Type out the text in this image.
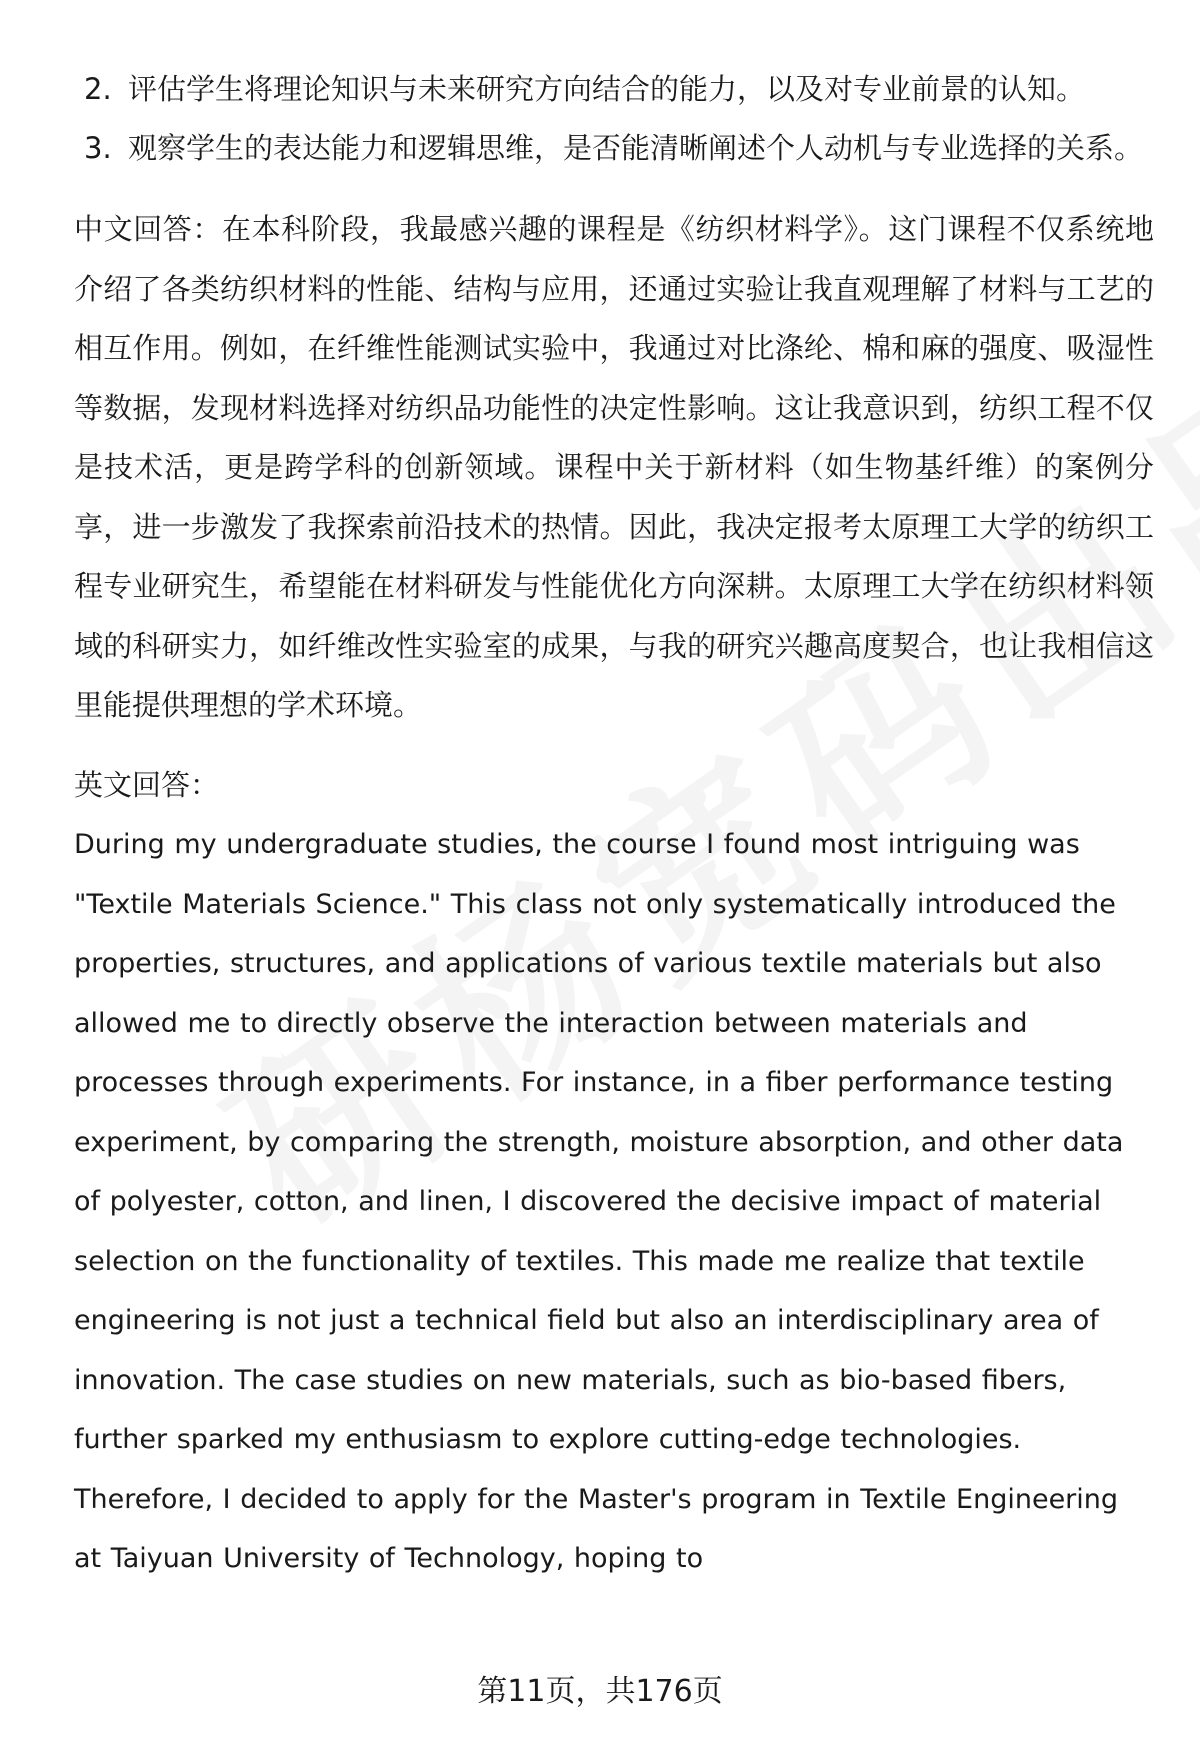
2. 评估学生将理论知识与未来研究方向结合的能力，以及对专业前景的认知。
3. 观察学生的表达能力和逻辑思维，是否能清晰阐述个人动机与专业选择的关系。

中文回答：在本科阶段，我最感兴趣的课程是《纺织材料学》。这门课程不仅系统地介绍了各类纺织材料的性能、结构与应用，还通过实验让我直观理解了材料与工艺的相互作用。例如，在纤维性能测试实验中，我通过对比涤纶、棉和麻的强度、吸湿性等数据，发现材料选择对纺织品功能性的决定性影响。这让我意识到，纺织工程不仅是技术活，更是跨学科的创新领域。课程中关于新材料（如生物基纤维）的案例分享，进一步激发了我探索前沿技术的热情。因此，我决定报考太原理工大学的纺织工程专业研究生，希望能在材料研发与性能优化方向深耕。太原理工大学在纺织材料领域的科研实力，如纤维改性实验室的成果，与我的研究兴趣高度契合，也让我相信这里能提供理想的学术环境。

英文回答：

During my undergraduate studies, the course I found most intriguing was "Textile Materials Science." This class not only systematically introduced the properties, structures, and applications of various textile materials but also allowed me to directly observe the interaction between materials and processes through experiments. For instance, in a fiber performance testing experiment, by comparing the strength, moisture absorption, and other data of polyester, cotton, and linen, I discovered the decisive impact of material selection on the functionality of textiles. This made me realize that textile engineering is not just a technical field but also an interdisciplinary area of innovation. The case studies on new materials, such as bio-based fibers, further sparked my enthusiasm to explore cutting-edge technologies. Therefore, I decided to apply for the Master's program in Textile Engineering at Taiyuan University of Technology, hoping to

第11页，共176页
